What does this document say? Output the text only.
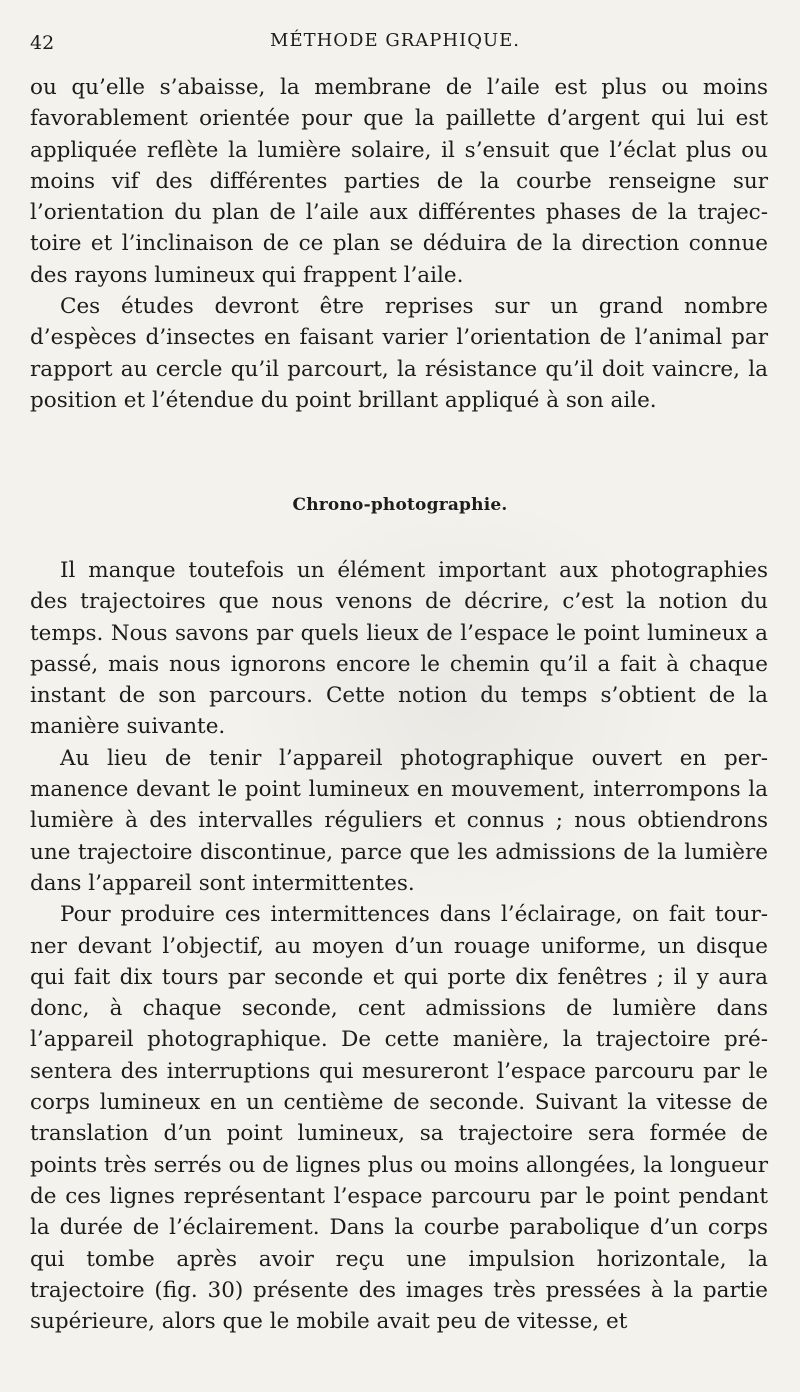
42	MÉTHODE GRAPHIQUE.

ou qu’elle s’abaisse, la membrane de l’aile est plus ou moins favorablement orientée pour que la paillette d’argent qui lui est appliquée reflète la lumière solaire, il s’ensuit que l’éclat plus ou moins vif des différentes parties de la courbe renseigne sur l’orientation du plan de l’aile aux différentes phases de la trajectoire et l’inclinaison de ce plan se déduira de la direction connue des rayons lumineux qui frappent l’aile.

Ces études devront être reprises sur un grand nombre d’espèces d’insectes en faisant varier l’orientation de l’animal par rapport au cercle qu’il parcourt, la résistance qu’il doit vaincre, la position et l’étendue du point brillant appliqué à son aile.

Chrono-photographie.

Il manque toutefois un élément important aux photographies des trajectoires que nous venons de décrire, c’est la notion du temps. Nous savons par quels lieux de l’espace le point lumineux a passé, mais nous ignorons encore le chemin qu’il a fait à chaque instant de son parcours. Cette notion du temps s’obtient de la manière suivante.

Au lieu de tenir l’appareil photographique ouvert en permanence devant le point lumineux en mouvement, interrompons la lumière à des intervalles réguliers et connus ; nous obtiendrons une trajectoire discontinue, parce que les admissions de la lumière dans l’appareil sont intermittentes.

Pour produire ces intermittences dans l’éclairage, on fait tourner devant l’objectif, au moyen d’un rouage uniforme, un disque qui fait dix tours par seconde et qui porte dix fenêtres ; il y aura donc, à chaque seconde, cent admissions de lumière dans l’appareil photographique. De cette manière, la trajectoire présentera des interruptions qui mesureront l’espace parcouru par le corps lumineux en un centième de seconde. Suivant la vitesse de translation d’un point lumineux, sa trajectoire sera formée de points très serrés ou de lignes plus ou moins allongées, la longueur de ces lignes représentant l’espace parcouru par le point pendant la durée de l’éclairement. Dans la courbe parabolique d’un corps qui tombe après avoir reçu une impulsion horizontale, la trajectoire (fig. 30) présente des images très pressées à la partie supérieure, alors que le mobile avait peu de vitesse, et
